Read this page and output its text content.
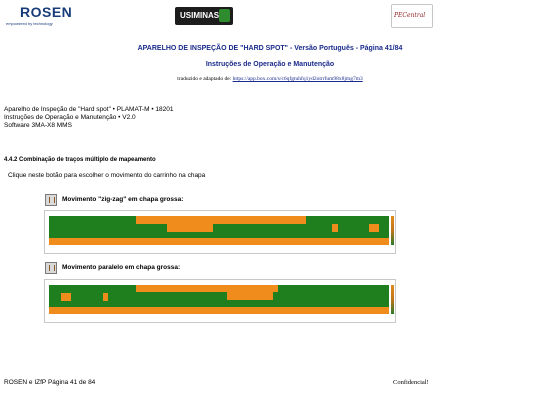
ROSEN
empowered by technology
USIMINAS	PECentral
APARELHO DE INSPEÇÃO DE "HARD SPOT" - Versão Português - Página 41/84
Instruções de Operação e Manutenção
traduzido e adaptado de: https://app.box.com/s/c6qfgtuhfq1yd2otrrfum98x8jmg7m3
Aparelho de Inspeção de "Hard spot" • PLAMAT-M • 18201
Instruções de Operação e Manutenção • V2.0
Software 3MA-X8 MMS
4.4.2 Combinação de traços múltiplo de mapeamento
Clique neste botão para escolher o movimento do carrinho na chapa
Movimento "zig-zag" em chapa grossa:
Movimento paralelo em chapa grossa:
ROSEN e IZfP Página 41 de 84	Confidencial!
